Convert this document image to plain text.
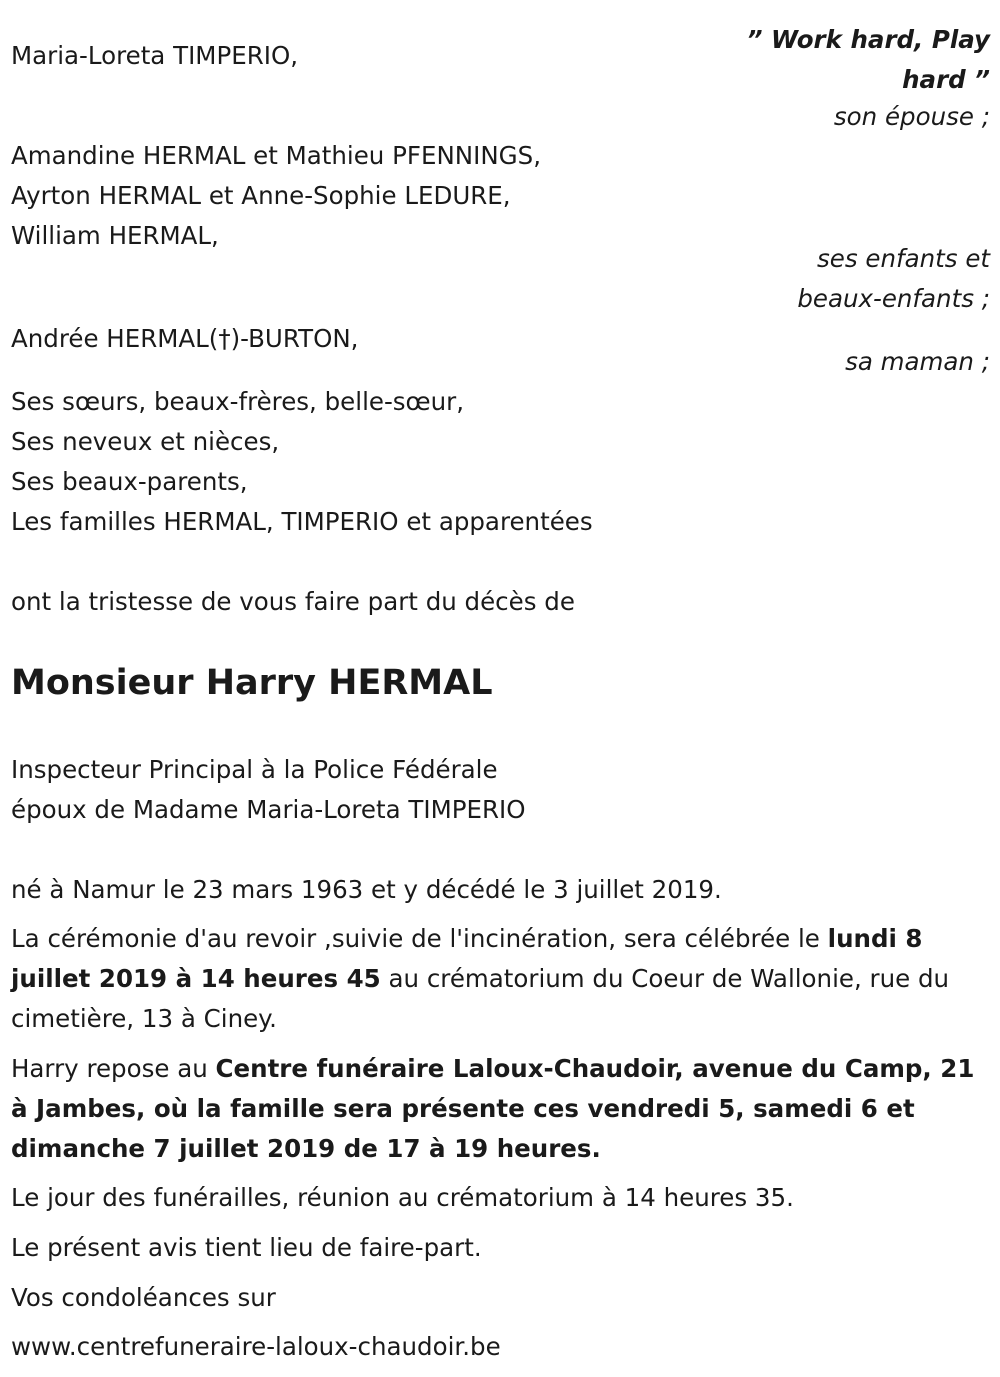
Maria-Loreta TIMPERIO,
” Work hard, Play
hard ”
son épouse ;
Amandine HERMAL et Mathieu PFENNINGS,
Ayrton HERMAL et Anne-Sophie LEDURE,
William HERMAL,
ses enfants et
beaux-enfants ;
Andrée HERMAL(†)-BURTON,
sa maman ;
Ses sœurs, beaux-frères, belle-sœur,
Ses neveux et nièces,
Ses beaux-parents,
Les familles HERMAL, TIMPERIO et apparentées
ont la tristesse de vous faire part du décès de
Monsieur Harry HERMAL
Inspecteur Principal à la Police Fédérale
époux de Madame Maria-Loreta TIMPERIO
né à Namur le 23 mars 1963 et y décédé le 3 juillet 2019.
La cérémonie d'au revoir ,suivie de l'incinération, sera célébrée le lundi 8 juillet 2019 à 14 heures 45 au crématorium du Coeur de Wallonie, rue du cimetière, 13 à Ciney.
Harry repose au Centre funéraire Laloux-Chaudoir, avenue du Camp, 21 à Jambes, où la famille sera présente ces vendredi 5, samedi 6 et dimanche 7 juillet 2019 de 17 à 19 heures.
Le jour des funérailles, réunion au crématorium à 14 heures 35.
Le présent avis tient lieu de faire-part.
Vos condoléances sur
www.centrefuneraire-laloux-chaudoir.be
